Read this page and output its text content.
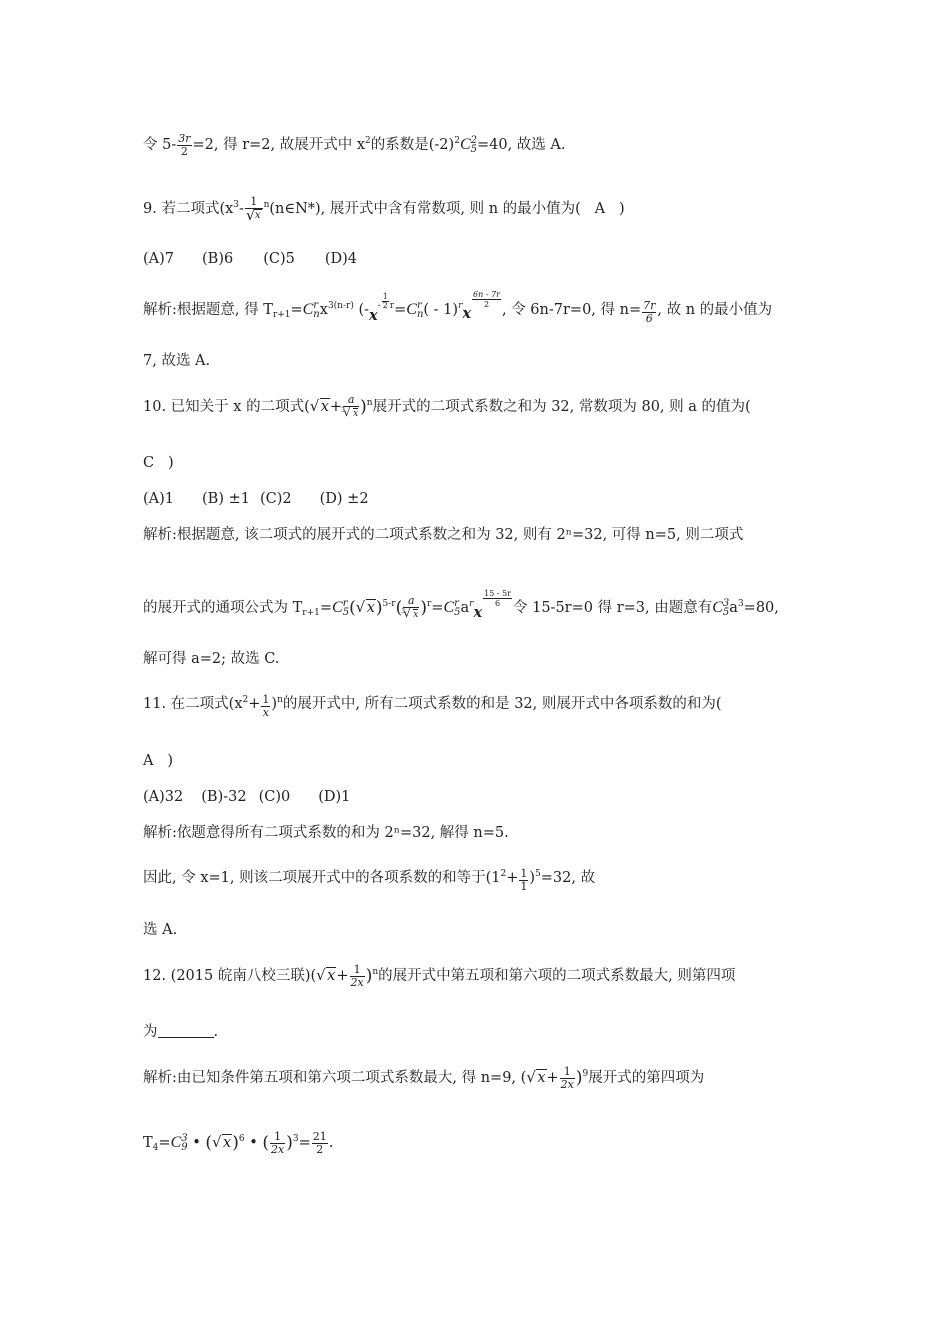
令 $5- \frac{3r}{2} =2$, 得 r=2, 故展开式中 $x^2$的系数是$(-2)^2C$ 2
5 =40, 故选 A.
9. 若二项式($x^3-$ 1
√ x $^n$(n∈N*), 展开式中含有常数项, 则 n 的最小值为( A )
(A)7 (B)6 (C)5 (D)4
解析:根据题意, 得 $T_{r+1}=C$ r
n $x^{3(n-r)}$ ($-x^- \frac{1}{2} ^r=C$ r
n ( - 1)$^r$x
$\frac{6n - 7r}{2}$
, 令 6n-7r=0, 得 $n= \frac{7r}{6}$ , 故 n 的最小值为
7, 故选 A.
10. 已知关于 x 的二项式( √ x+ a
√ x 3 )$^n$展开式的二项式系数之和为 32, 常数项为 80, 则 a 的值为(
C )
(A)1 (B) ±1 (C)2 (D) ±2
解析:根据题意, 该二项式的展开式的二项式系数之和为 32, 则有 2ⁿ=32, 可得 n=5, 则二项式
的展开式的通项公式为 $T_{r+1}=C$ r
5 ( √ x)$^{5-r}$( a
√ x 3 )$^r$=C r
5 $a^rx$
$\frac{15 - 5r}{6}$ 令 15-5r=0 得 r=3, 由题意有C 3
5 $a^3=80$,
解可得 a=2; 故选 C.
11. 在二项式$(x^2+ \frac{1}{x} )^n$的展开式中, 所有二项式系数的和是 32, 则展开式中各项系数的和为(
A )
(A)32 (B)-32 (C)0 (D)1
解析:依题意得所有二项式系数的和为 2ⁿ=32, 解得 n=5.
因此, 令 x=1, 则该二项展开式中的各项系数的和等于$(1^2+ \frac{1}{1} )^5=32$, 故
选 A.
12. (2015 皖南八校三联)( √ $x+ \frac{1}{2x} )^n$的展开式中第五项和第六项的二项式系数最大, 则第四项
为	.
解析:由已知条件第五项和第六项二项式系数最大, 得 n=9, ( √ $x+ \frac{1}{2x} )^9$展开式的第四项为
$T_4=C$ 3
9 • ( √ x)$^6$ • ( $\frac{1}{2x} )^3= \frac{21}{2}$ .
